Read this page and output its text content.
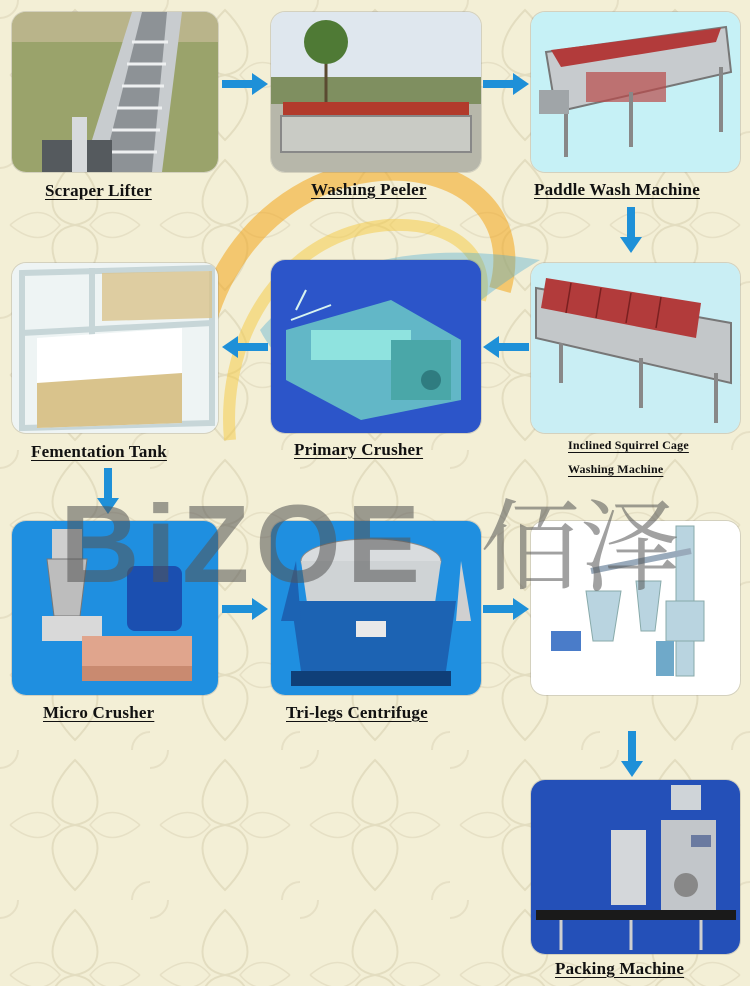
Scraper Lifter	Washing Peeler	Paddle Wash Machine
Fementation Tank	Primary Crusher	Inclined Squirrel Cage
Washing Machine
Micro Crusher	Tri-legs Centrifuge
Packing Machine
BiZOE 佰泽
